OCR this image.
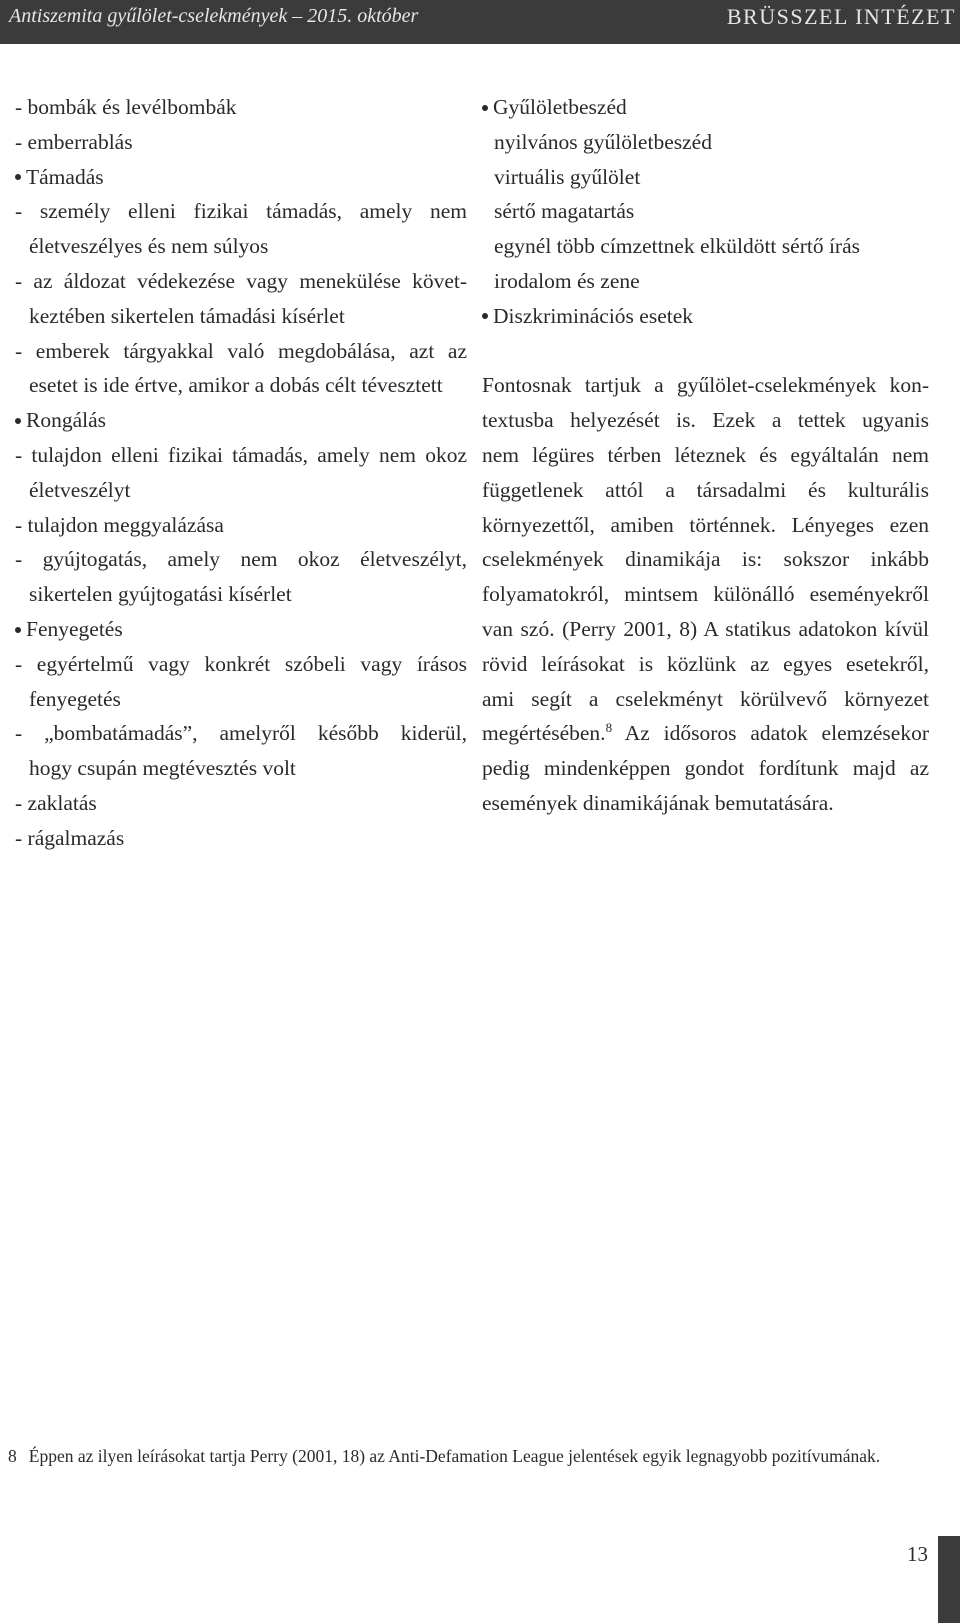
Antiszemita gyűlölet-cselekmények – 2015. október	BRÜSSZEL INTÉZET
- bombák és levélbombák
- emberrablás
Támadás
- személy elleni fizikai támadás, amely nem
életveszélyes és nem súlyos
- az áldozat védekezése vagy menekülése követ-
keztében sikertelen támadási kísérlet
- emberek tárgyakkal való megdobálása, azt az
esetet is ide értve, amikor a dobás célt tévesztett
Rongálás
- tulajdon elleni fizikai támadás, amely nem okoz
életveszélyt
- tulajdon meggyalázása
- gyújtogatás, amely nem okoz életveszélyt,
sikertelen gyújtogatási kísérlet
Fenyegetés
- egyértelmű vagy konkrét szóbeli vagy írásos
fenyegetés
- „bombatámadás”, amelyről később kiderül,
hogy csupán megtévesztés volt
- zaklatás
- rágalmazás
Gyűlöletbeszéd
nyilvános gyűlöletbeszéd
virtuális gyűlölet
sértő magatartás
egynél több címzettnek elküldött sértő írás
irodalom és zene
Diszkriminációs esetek
Fontosnak tartjuk a gyűlölet-cselekmények kon-
textusba helyezését is. Ezek a tettek ugyanis
nem légüres térben léteznek és egyáltalán nem
függetlenek attól a társadalmi és kulturális
környezettől, amiben történnek. Lényeges ezen
cselekmények dinamikája is: sokszor inkább
folyamatokról, mintsem különálló eseményekről
van szó. (Perry 2001, 8) A statikus adatokon kívül
rövid leírásokat is közlünk az egyes esetekről,
ami segít a cselekményt körülvevő környezet
megértésében.$^8$ Az idősoros adatok elemzésekor
pedig mindenképpen gondot fordítunk majd az
események dinamikájának bemutatására.
8 Éppen az ilyen leírásokat tartja Perry (2001, 18) az Anti-Defamation League jelentések egyik legnagyobb pozitívumának.
13
